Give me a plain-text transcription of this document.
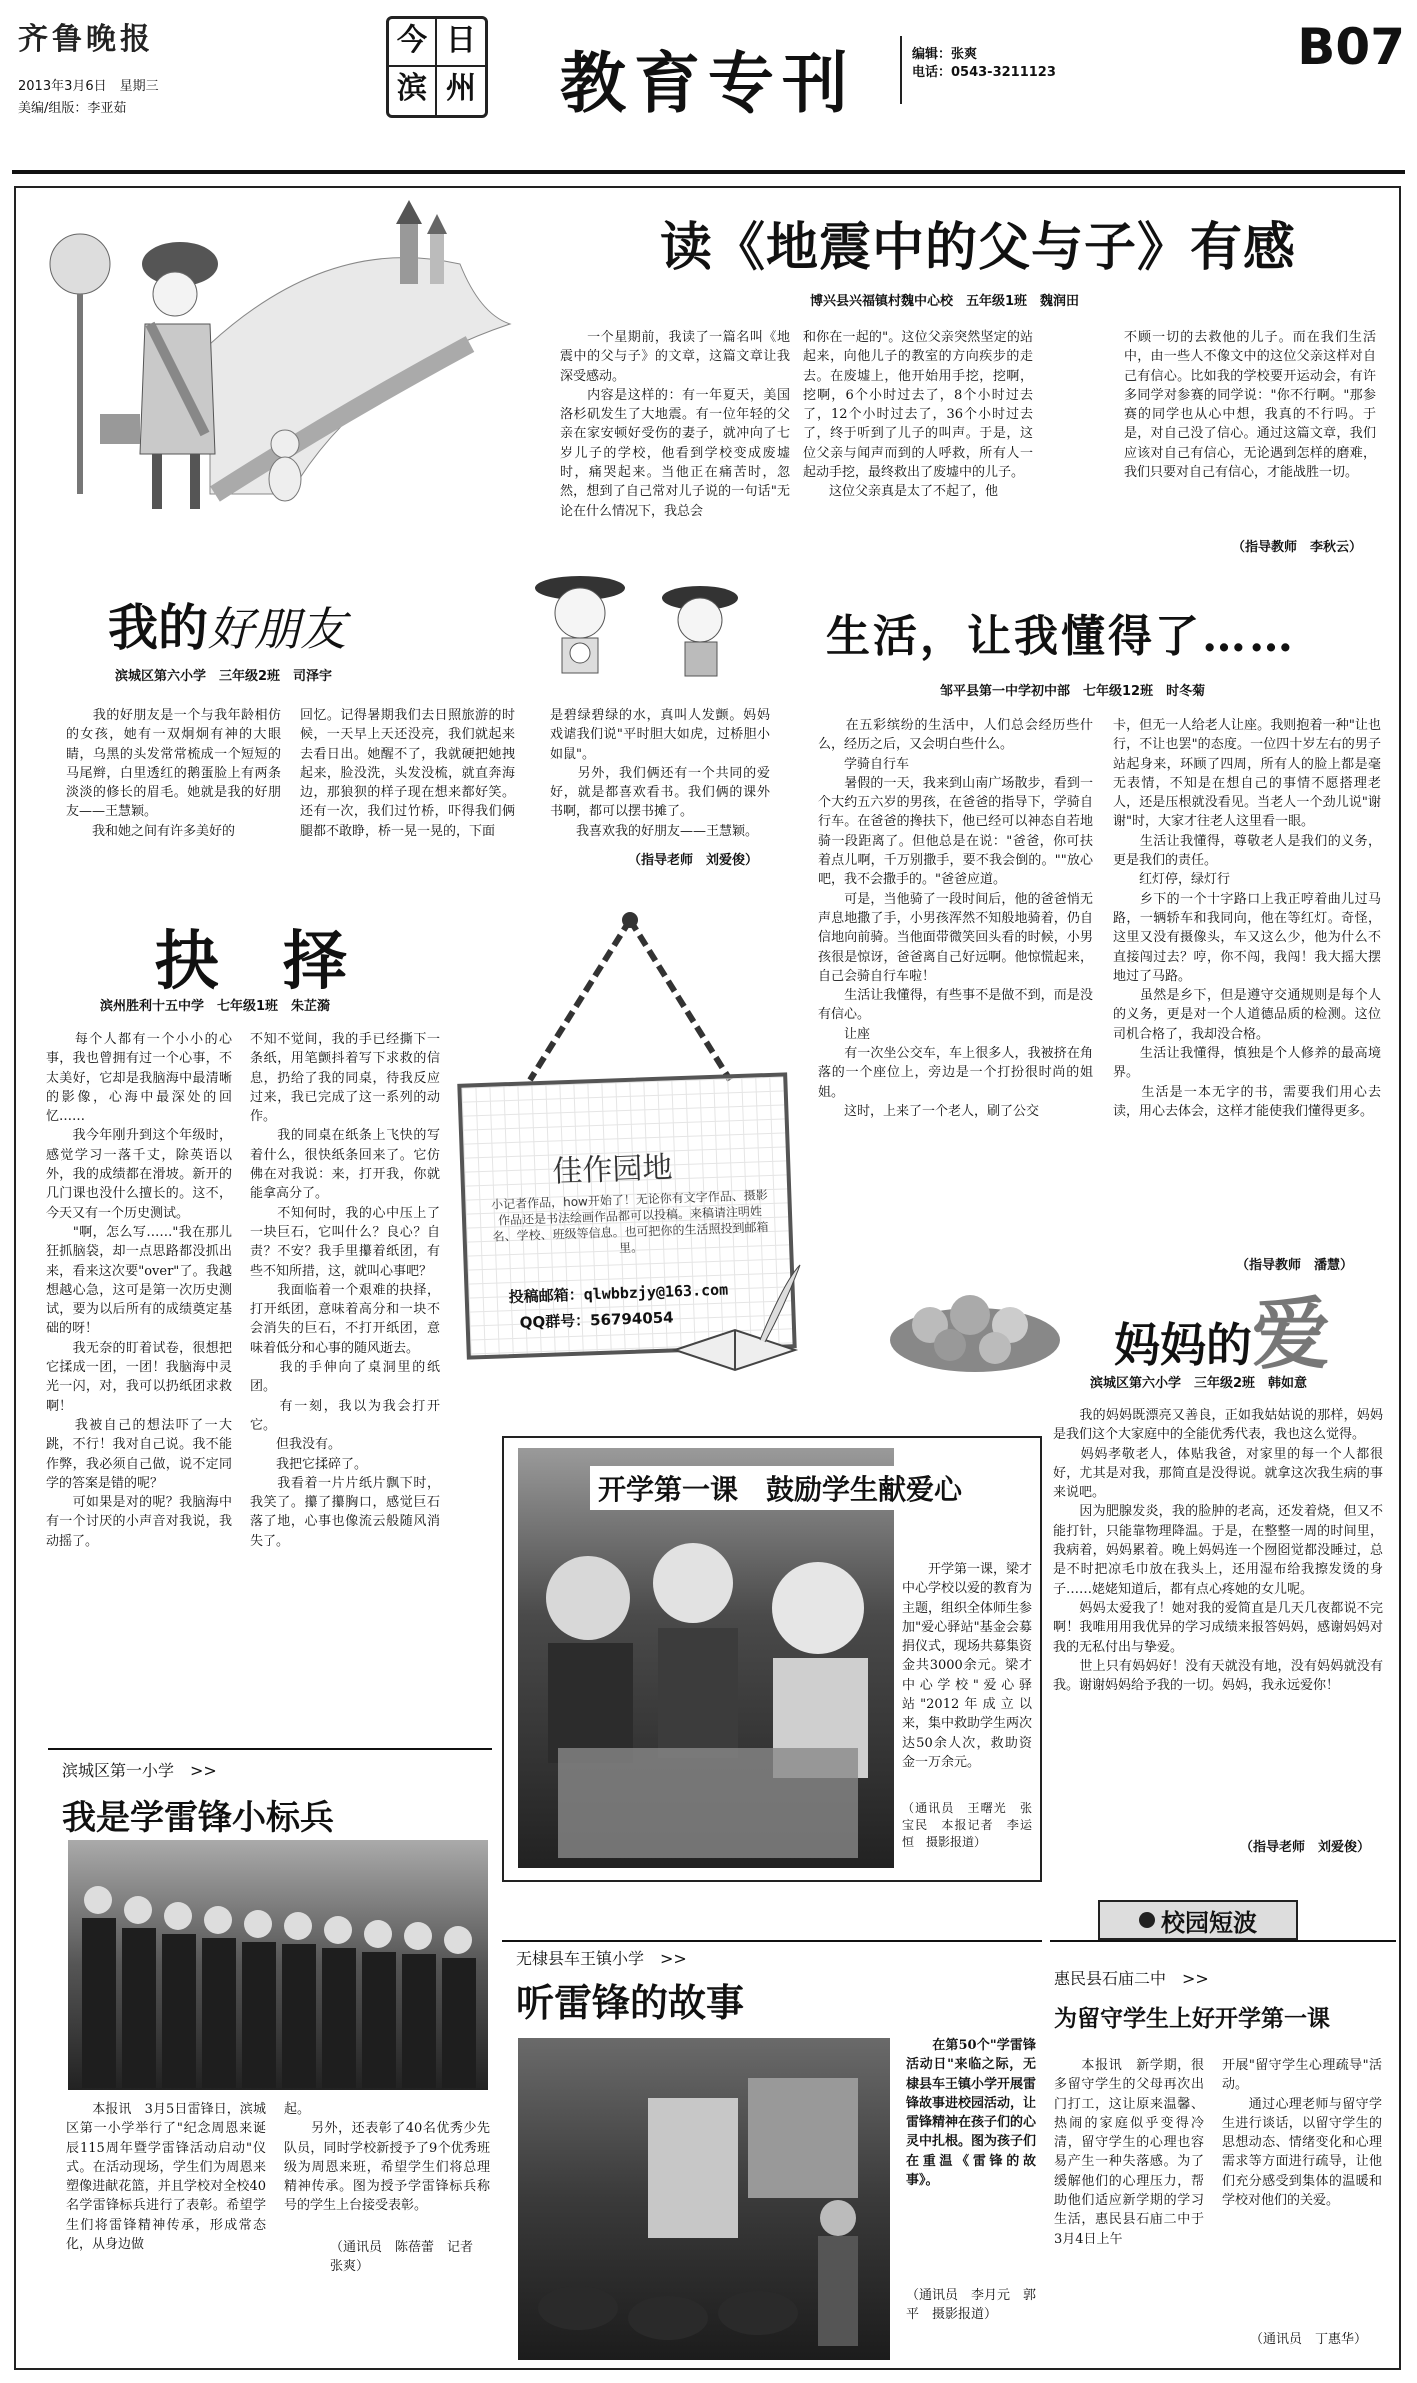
齐鲁晚报
2013年3月6日　星期三
美编/组版：李亚茹
今 日
滨 州 教育专刊	编辑：张爽
电话：0543-3211123	B07
读《地震中的父与子》有感
博兴县兴福镇村魏中心校　五年级1班　魏润田

　　一个星期前，我读了一篇名叫《地震中的父与子》的文章，这篇文章让我深受感动。
　　内容是这样的：有一年夏天，美国洛杉矶发生了大地震。有一位年轻的父亲在家安顿好受伤的妻子，就冲向了七岁儿子的学校，他看到学校变成废墟时，痛哭起来。当他正在痛苦时，忽然，想到了自己常对儿子说的一句话"无论在什么情况下，我总会

和你在一起的"。这位父亲突然坚定的站起来，向他儿子的教室的方向疾步的走去。在废墟上，他开始用手挖，挖啊，挖啊，6个小时过去了，8个小时过去了，12个小时过去了，36个小时过去了，终于听到了儿子的叫声。于是，这位父亲与闻声而到的人呼救，所有人一起动手挖，最终救出了废墟中的儿子。
　　这位父亲真是太了不起了，他

不顾一切的去救他的儿子。而在我们生活中，由一些人不像文中的这位父亲这样对自己有信心。比如我的学校要开运动会，有许多同学对参赛的同学说："你不行啊。"那参赛的同学也从心中想，我真的不行吗。于是，对自己没了信心。通过这篇文章，我们应该对自己有信心，无论遇到怎样的磨难，我们只要对自己有信心，才能战胜一切。

（指导教师　李秋云）
我的好朋友
滨城区第六小学　三年级2班　司泽宇

　　我的好朋友是一个与我年龄相仿的女孩，她有一双炯炯有神的大眼睛，乌黑的头发常常梳成一个短短的马尾辫，白里透红的鹅蛋脸上有两条淡淡的修长的眉毛。她就是我的好朋友——王慧颖。
　　我和她之间有许多美好的

回忆。记得暑期我们去日照旅游的时候，一天早上天还没亮，我们就起来去看日出。她醒不了，我就硬把她拽起来，脸没洗，头发没梳，就直奔海边，那狼狈的样子现在想来都好笑。还有一次，我们过竹桥，吓得我们俩腿都不敢睁，桥一晃一晃的，下面

是碧绿碧绿的水，真叫人发颤。妈妈戏谑我们说"平时胆大如虎，过桥胆小如鼠"。
　　另外，我们俩还有一个共同的爱好，就是都喜欢看书。我们俩的课外书啊，都可以摆书摊了。
　　我喜欢我的好朋友——王慧颖。

（指导老师　刘爱俊）
生活，让我懂得了……
邹平县第一中学初中部　七年级12班　时冬菊

　　在五彩缤纷的生活中，人们总会经历些什么，经历之后，又会明白些什么。
　　学骑自行车
　　暑假的一天，我来到山南广场散步，看到一个大约五六岁的男孩，在爸爸的指导下，学骑自行车。在爸爸的搀扶下，他已经可以神态自若地骑一段距离了。但他总是在说："爸爸，你可扶着点儿啊，千万别撒手，要不我会倒的。""放心吧，我不会撒手的。"爸爸应道。
　　可是，当他骑了一段时间后，他的爸爸悄无声息地撒了手，小男孩浑然不知般地骑着，仍自信地向前骑。当他面带微笑回头看的时候，小男孩很是惊讶，爸爸离自己好远啊。他惊慌起来，自己会骑自行车啦！
　　生活让我懂得，有些事不是做不到，而是没有信心。
　　让座
　　有一次坐公交车，车上很多人，我被挤在角落的一个座位上，旁边是一个打扮很时尚的姐姐。
　　这时，上来了一个老人，刷了公交

卡，但无一人给老人让座。我则抱着一种"让也行，不让也罢"的态度。一位四十岁左右的男子站起身来，环顾了四周，所有人的脸上都是毫无表情，不知是在想自己的事情不愿搭理老人，还是压根就没看见。当老人一个劲儿说"谢谢"时，大家才往老人这里看一眼。
　　生活让我懂得，尊敬老人是我们的义务，更是我们的责任。
　　红灯停，绿灯行
　　乡下的一个十字路口上我正哼着曲儿过马路，一辆轿车和我同向，他在等红灯。奇怪，这里又没有摄像头，车又这么少，他为什么不直接闯过去？哼，你不闯，我闯！我大摇大摆地过了马路。
　　虽然是乡下，但是遵守交通规则是每个人的义务，更是对一个人道德品质的检测。这位司机合格了，我却没合格。
　　生活让我懂得，慎独是个人修养的最高境界。
　　生活是一本无字的书，需要我们用心去读，用心去体会，这样才能使我们懂得更多。

（指导教师　潘慧）
抉　择
滨州胜利十五中学　七年级1班　朱芷漪

　　每个人都有一个小小的心事，我也曾拥有过一个心事，不太美好，它却是我脑海中最清晰的影像，心海中最深处的回忆……
　　我今年刚升到这个年级时，感觉学习一落千丈，除英语以外，我的成绩都在滑坡。新开的几门课也没什么擅长的。这不，今天又有一个历史测试。
　　"啊，怎么写……"我在那儿狂抓脑袋，却一点思路都没抓出来，看来这次要"over"了。我越想越心急，这可是第一次历史测试，要为以后所有的成绩奠定基础的呀！
　　我无奈的盯着试卷，很想把它揉成一团，一团！我脑海中灵光一闪，对，我可以扔纸团求救啊！
　　我被自己的想法吓了一大跳，不行！我对自己说。我不能作弊，我必须自己做，说不定同学的答案是错的呢？
　　可如果是对的呢？我脑海中有一个讨厌的小声音对我说，我动摇了。

不知不觉间，我的手已经撕下一条纸，用笔颤抖着写下求救的信息，扔给了我的同桌，待我反应过来，我已完成了这一系列的动作。
　　我的同桌在纸条上飞快的写着什么，很快纸条回来了。它仿佛在对我说：来，打开我，你就能拿高分了。
　　不知何时，我的心中压上了一块巨石，它叫什么？良心？自责？不安？我手里攥着纸团，有些不知所措，这，就叫心事吧？
　　我面临着一个艰难的抉择，打开纸团，意味着高分和一块不会消失的巨石，不打开纸团，意味着低分和心事的随风逝去。
　　我的手伸向了桌洞里的纸团。
　　有一刻，我以为我会打开它。
　　但我没有。
　　我把它揉碎了。
　　我看着一片片纸片飘下时，我笑了。攥了攥胸口，感觉巨石落了地，心事也像流云般随风消失了。

佳作园地
小记者作品，how开始了！无论你有文字作品、摄影作品还是书法绘画作品都可以投稿。来稿请注明姓名、学校、班级等信息。也可把你的生活照投到邮箱里。
投稿邮箱：qlwbbzjy@163.com
QQ群号：56794054	妈妈的爱
滨城区第六小学　三年级2班　韩如意

　　我的妈妈既漂亮又善良，正如我姑姑说的那样，妈妈是我们这个大家庭中的全能优秀代表，我也这么觉得。
　　妈妈孝敬老人，体贴我爸，对家里的每一个人都很好，尤其是对我，那简直是没得说。就拿这次我生病的事来说吧。
　　因为肥腺发炎，我的脸肿的老高，还发着烧，但又不能打针，只能靠物理降温。于是，在整整一周的时间里，我病着，妈妈累着。晚上妈妈连一个囫囵觉都没睡过，总是不时把凉毛巾放在我头上，还用湿布给我擦发烫的身子……姥姥知道后，都有点心疼她的女儿呢。
　　妈妈太爱我了！她对我的爱简直是几天几夜都说不完啊！我唯用用我优异的学习成绩来报答妈妈，感谢妈妈对我的无私付出与挚爱。
　　世上只有妈妈好！没有天就没有地，没有妈妈就没有我。谢谢妈妈给予我的一切。妈妈，我永远爱你！

（指导老师　刘爱俊）
开学第一课　鼓励学生献爱心

　　开学第一课，梁才中心学校以爱的教育为主题，组织全体师生参加"爱心驿站"基金会募捐仪式，现场共募集资金共3000余元。梁才中心学校"爱心驿站"2012年成立以来，集中救助学生两次达50余人次，救助资金一万余元。

（通讯员　王曙光　张宝民　本报记者　李运恒　摄影报道）

滨城区第一小学　>>
我是学雷锋小标兵

　　本报讯　3月5日雷锋日，滨城区第一小学举行了"纪念周恩来诞辰115周年暨学雷锋活动启动"仪式。在活动现场，学生们为周恩来塑像进献花篮，并且学校对全校40名学雷锋标兵进行了表彰。希望学生们将雷锋精神传承，形成常态化，从身边做

起。
　　另外，还表彰了40名优秀少先队员，同时学校新授予了9个优秀班级为周恩来班，希望学生们将总理精神传承。图为授予学雷锋标兵称号的学生上台接受表彰。

（通讯员　陈蓓蕾　记者　张爽）
无棣县车王镇小学　>>
听雷锋的故事

　　在第50个"学雷锋活动日"来临之际，无棣县车王镇小学开展雷锋故事进校园活动，让雷锋精神在孩子们的心灵中扎根。图为孩子们在重温《雷锋的故事》。

（通讯员　李月元　郭平　摄影报道）

校园短波
惠民县石庙二中　>>
为留守学生上好开学第一课

　　本报讯　新学期，很多留守学生的父母再次出门打工，这让原来温馨、热闹的家庭似乎变得冷清，留守学生的心理也容易产生一种失落感。为了缓解他们的心理压力，帮助他们适应新学期的学习生活，惠民县石庙二中于3月4日上午

开展"留守学生心理疏导"活动。
　　通过心理老师与留守学生进行谈话，以留守学生的思想动态、情绪变化和心理需求等方面进行疏导，让他们充分感受到集体的温暖和学校对他们的关爱。

（通讯员　丁惠华）
